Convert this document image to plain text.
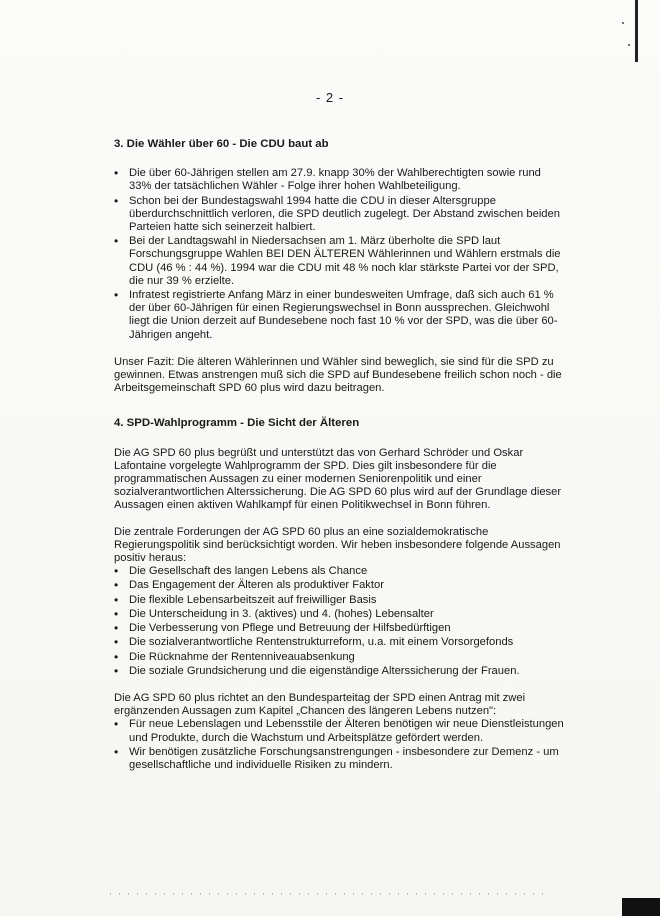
- 2 -
3. Die Wähler über 60 - Die CDU baut ab
• Die über 60-Jährigen stellen am 27.9. knapp 30% der Wahlberechtigten sowie rund 33% der tatsächlichen Wähler - Folge ihrer hohen Wahlbeteiligung.
• Schon bei der Bundestagswahl 1994 hatte die CDU in dieser Altersgruppe überdurchschnittlich verloren, die SPD deutlich zugelegt. Der Abstand zwischen beiden Parteien hatte sich seinerzeit halbiert.
• Bei der Landtagswahl in Niedersachsen am 1. März überholte die SPD laut Forschungsgruppe Wahlen BEI DEN ÄLTEREN Wählerinnen und Wählern erstmals die CDU (46 % : 44 %). 1994 war die CDU mit 48 % noch klar stärkste Partei vor der SPD, die nur 39 % erzielte.
• Infratest registrierte Anfang März in einer bundesweiten Umfrage, daß sich auch 61 % der über 60-Jährigen für einen Regierungswechsel in Bonn aussprechen. Gleichwohl liegt die Union derzeit auf Bundesebene noch fast 10 % vor der SPD, was die über 60-Jährigen angeht.

Unser Fazit: Die älteren Wählerinnen und Wähler sind beweglich, sie sind für die SPD zu gewinnen. Etwas anstrengen muß sich die SPD auf Bundesebene freilich schon noch - die Arbeitsgemeinschaft SPD 60 plus wird dazu beitragen.

4. SPD-Wahlprogramm - Die Sicht der Älteren

Die AG SPD 60 plus begrüßt und unterstützt das von Gerhard Schröder und Oskar Lafontaine vorgelegte Wahlprogramm der SPD. Dies gilt insbesondere für die programmatischen Aussagen zu einer modernen Seniorenpolitik und einer sozialverantwortlichen Alterssicherung. Die AG SPD 60 plus wird auf der Grundlage dieser Aussagen einen aktiven Wahlkampf für einen Politikwechsel in Bonn führen.

Die zentrale Forderungen der AG SPD 60 plus an eine sozialdemokratische Regierungspolitik sind berücksichtigt worden. Wir heben insbesondere folgende Aussagen positiv heraus:

• Die Gesellschaft des langen Lebens als Chance
• Das Engagement der Älteren als produktiver Faktor
• Die flexible Lebensarbeitszeit auf freiwilliger Basis
• Die Unterscheidung in 3. (aktives) und 4. (hohes) Lebensalter
• Die Verbesserung von Pflege und Betreuung der Hilfsbedürftigen
• Die sozialverantwortliche Rentenstrukturreform, u.a. mit einem Vorsorgefonds
• Die Rücknahme der Rentenniveauabsenkung
• Die soziale Grundsicherung und die eigenständige Alterssicherung der Frauen.

Die AG SPD 60 plus richtet an den Bundesparteitag der SPD einen Antrag mit zwei ergänzenden Aussagen zum Kapitel „Chancen des längeren Lebens nutzen":

• Für neue Lebenslagen und Lebensstile der Älteren benötigen wir neue Dienstleistungen und Produkte, durch die Wachstum und Arbeitsplätze gefördert werden.
• Wir benötigen zusätzliche Forschungsanstrengungen - insbesondere zur Demenz - um gesellschaftliche und individuelle Risiken zu mindern.
